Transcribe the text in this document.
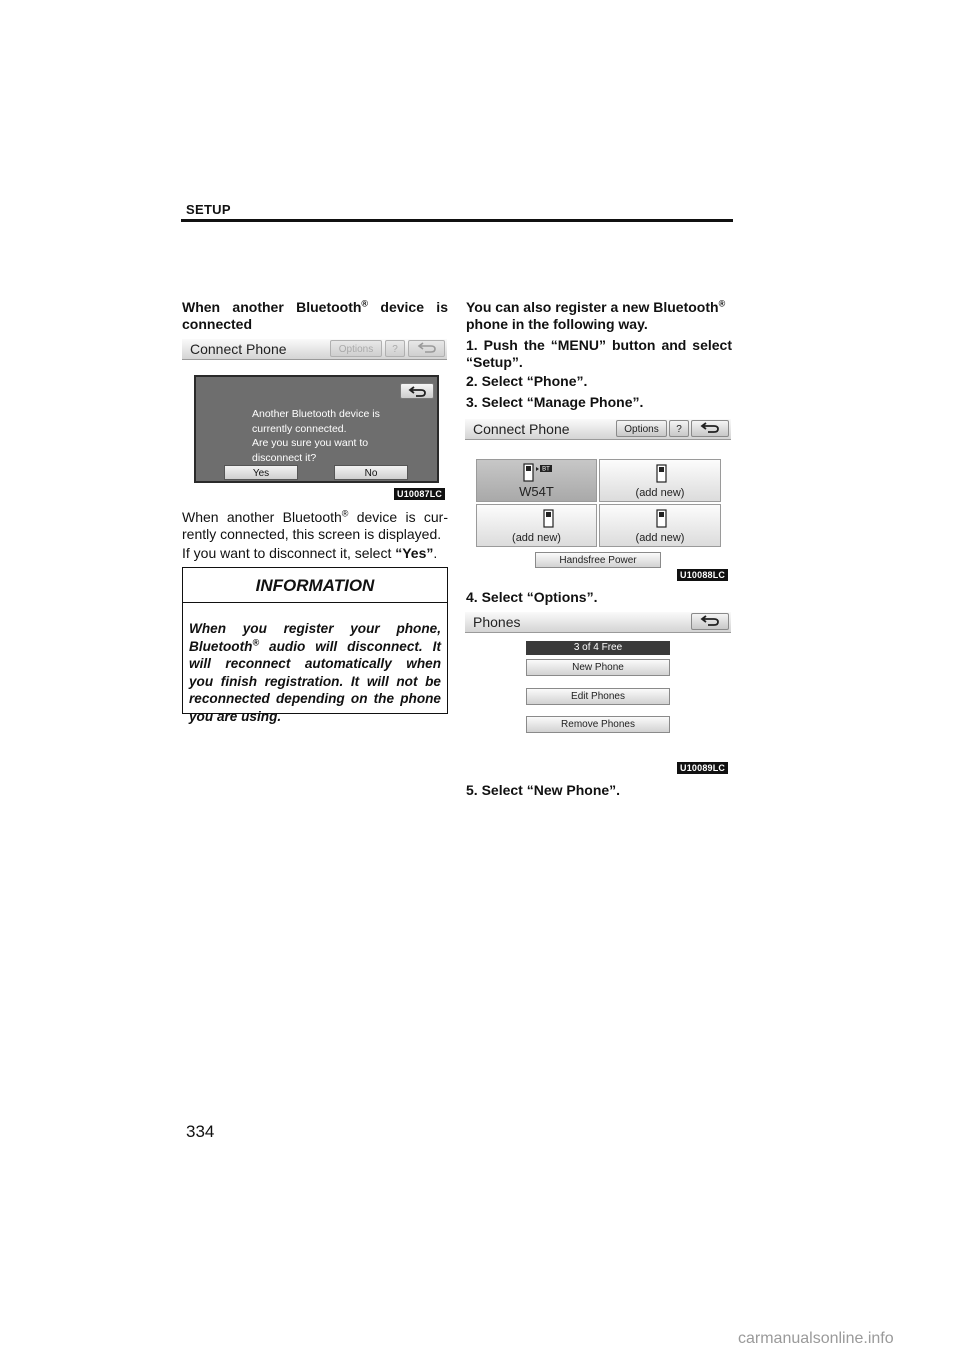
SETUP
When another Bluetooth® device is
connected
Connect Phone	Options	?
Another Bluetooth device is
currently connected.
Are you sure you want to
disconnect it?
Yes	No
U10087LC
When another Bluetooth® device is cur-
rently connected, this screen is displayed.
If you want to disconnect it, select “Yes”.
INFORMATION
When you register your phone,
Bluetooth® audio will disconnect. It
will reconnect automatically when
you finish registration. It will not be
reconnected depending on the phone
you are using.
You can also register a new Bluetooth®
phone in the following way.
1. Push the “MENU” button and select
“Setup”.
2. Select “Phone”.
3. Select “Manage Phone”.
Connect Phone	Options	?
BT
W54T	(add new)
(add new)	(add new)
Handsfree Power
U10088LC
4. Select “Options”.
Phones
3 of 4 Free
New Phone
Edit Phones
Remove Phones
U10089LC
5. Select “New Phone”.
334
carmanualsonline.info
